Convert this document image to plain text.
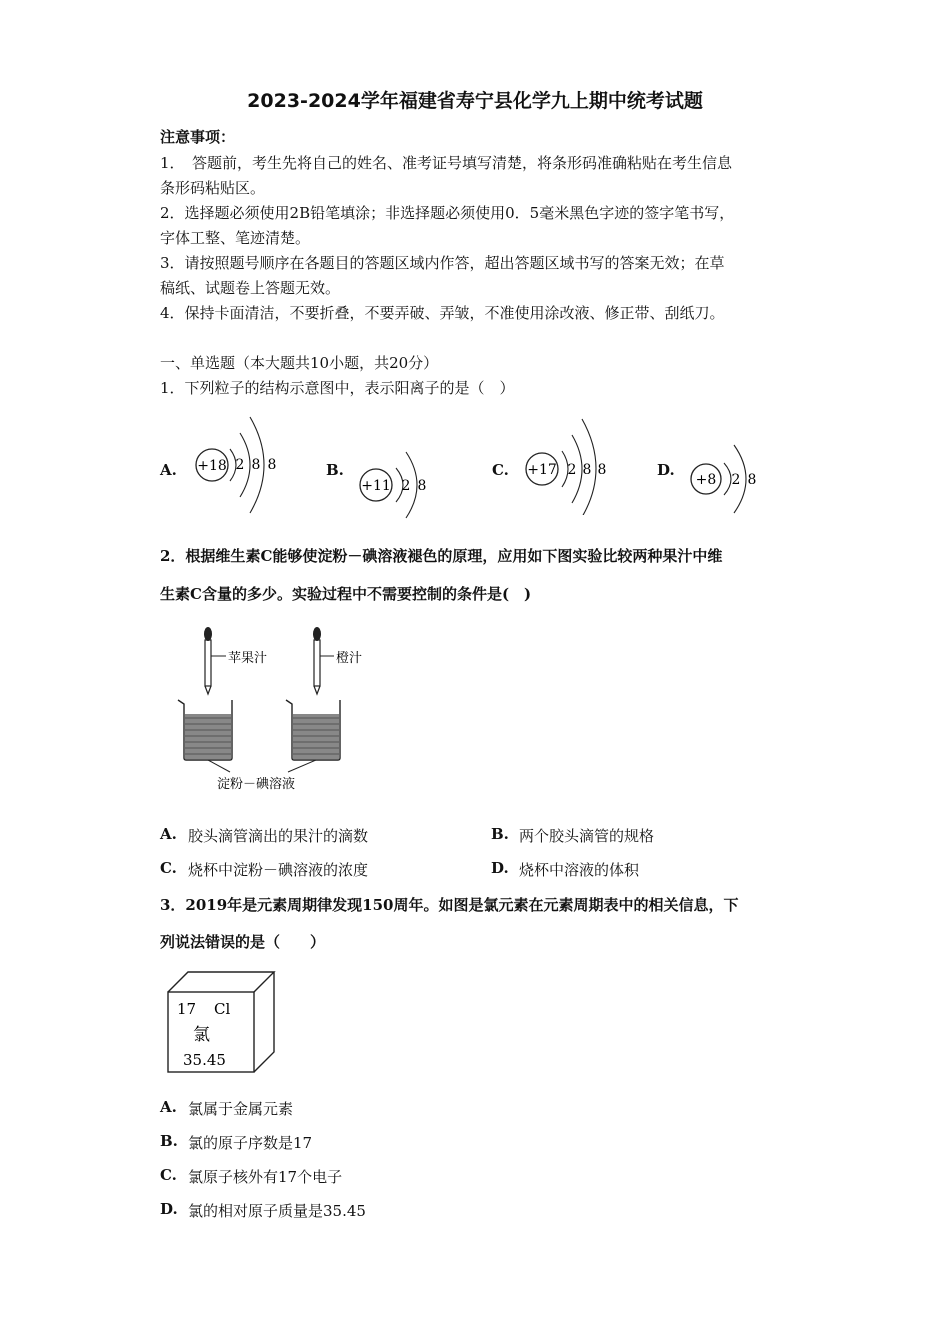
2023-2024学年福建省寿宁县化学九上期中统考试题
注意事项：
1．　答题前，考生先将自己的姓名、准考证号填写清楚，将条形码准确粘贴在考生信息
条形码粘贴区。
2．选择题必须使用2B铅笔填涂；非选择题必须使用0．5毫米黑色字迹的签字笔书写，
字体工整、笔迹清楚。
3．请按照题号顺序在各题目的答题区域内作答，超出答题区域书写的答案无效；在草
稿纸、试题卷上答题无效。
4．保持卡面清洁，不要折叠，不要弄破、弄皱，不准使用涂改液、修正带、刮纸刀。
一、单选题（本大题共10小题，共20分）
1．下列粒子的结构示意图中，表示阳离子的是（　）
A. +18 2 8 8	B.
+11 2 8
C. +17 2 8 8	D.
+8 2 8
2．根据维生素C能够使淀粉－碘溶液褪色的原理，应用如下图实验比较两种果汁中维
生素C含量的多少。实验过程中不需要控制的条件是(　)
苹果汁	橙汁
淀粉－碘溶液
A. 胶头滴管滴出的果汁的滴数	B. 两个胶头滴管的规格
C. 烧杯中淀粉－碘溶液的浓度	D. 烧杯中溶液的体积
3．2019年是元素周期律发现150周年。如图是氯元素在元素周期表中的相关信息，下
列说法错误的是（　　）
17 Cl
氯
35.45
A. 氯属于金属元素
B. 氯的原子序数是17
C. 氯原子核外有17个电子
D. 氯的相对原子质量是35.45
